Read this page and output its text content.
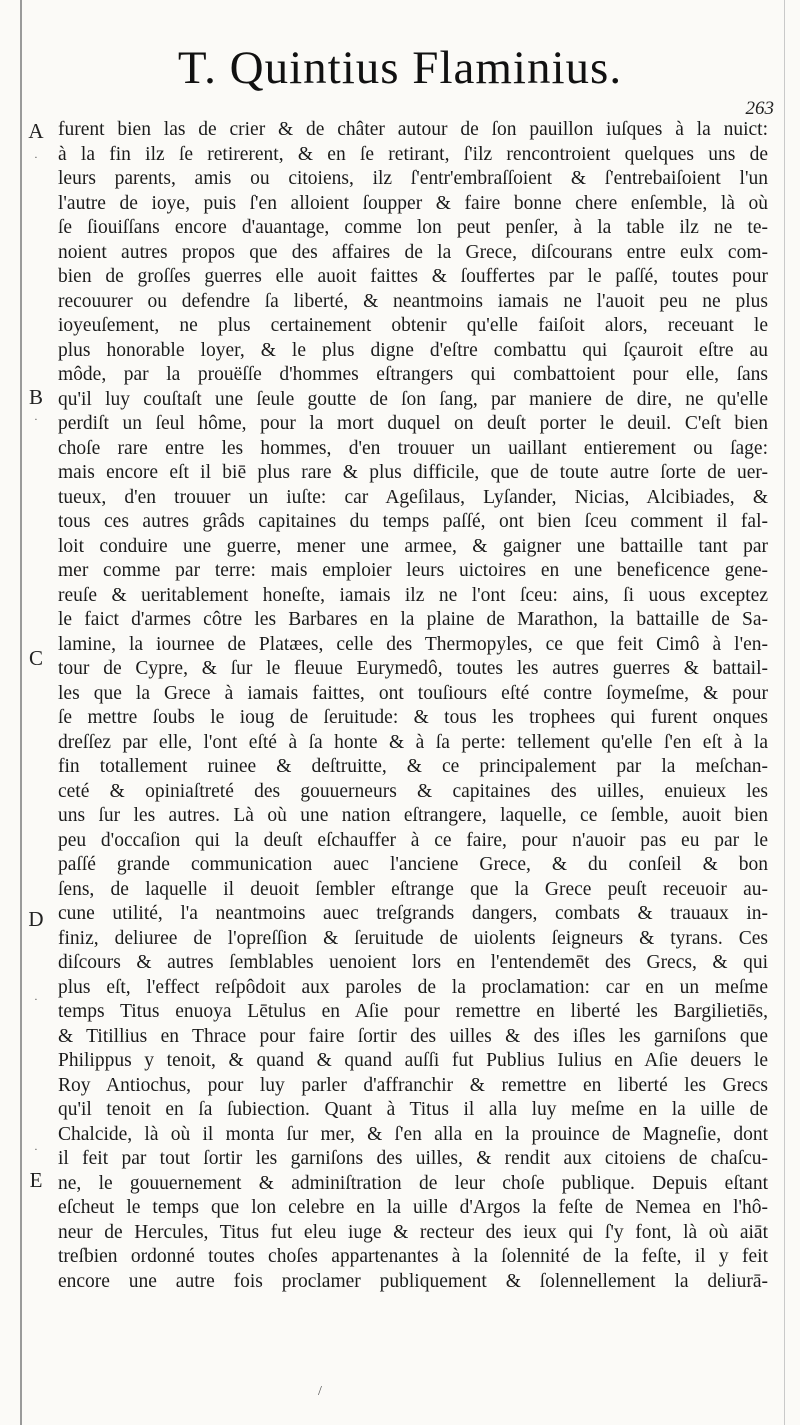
T. Quintius Flaminius.
263
A
B
C
D
E
·
·
·
·
furent bien las de crier & de châter autour de ſon pauillon iuſques à la nuict:
à la fin ilz ſe retirerent, & en ſe retirant, ſ'ilz rencontroient quelques uns de
leurs parents, amis ou citoiens, ilz ſ'entr'embraſſoient & ſ'entrebaiſoient l'un
l'autre de ioye, puis ſ'en alloient ſoupper & faire bonne chere enſemble, là où
ſe ſiouiſſans encore d'auantage, comme lon peut penſer, à la table ilz ne te-
noient autres propos que des affaires de la Grece, diſcourans entre eulx com-
bien de groſſes guerres elle auoit faittes & ſouffertes par le paſſé, toutes pour
recouurer ou defendre ſa liberté, & neantmoins iamais ne l'auoit peu ne plus
ioyeuſement, ne plus certainement obtenir qu'elle faiſoit alors, receuant le
plus honorable loyer, & le plus digne d'eſtre combattu qui ſçauroit eſtre au
môde, par la prouëſſe d'hommes eſtrangers qui combattoient pour elle, ſans
qu'il luy couſtaſt une ſeule goutte de ſon ſang, par maniere de dire, ne qu'elle
perdiſt un ſeul hôme, pour la mort duquel on deuſt porter le deuil. C'eſt bien
choſe rare entre les hommes, d'en trouuer un uaillant entierement ou ſage:
mais encore eſt il biē plus rare & plus difficile, que de toute autre ſorte de uer-
tueux, d'en trouuer un iuſte: car Ageſilaus, Lyſander, Nicias, Alcibiades, &
tous ces autres grâds capitaines du temps paſſé, ont bien ſceu comment il fal-
loit conduire une guerre, mener une armee, & gaigner une battaille tant par
mer comme par terre: mais emploier leurs uictoires en une beneficence gene-
reuſe & ueritablement honeſte, iamais ilz ne l'ont ſceu: ains, ſi uous exceptez
le faict d'armes côtre les Barbares en la plaine de Marathon, la battaille de Sa-
lamine, la iournee de Platæes, celle des Thermopyles, ce que feit Cimô à l'en-
tour de Cypre, & ſur le fleuue Eurymedô, toutes les autres guerres & battail-
les que la Grece à iamais faittes, ont touſiours eſté contre ſoymeſme, & pour
ſe mettre ſoubs le ioug de ſeruitude: & tous les trophees qui furent onques
dreſſez par elle, l'ont eſté à ſa honte & à ſa perte: tellement qu'elle ſ'en eſt à la
fin totallement ruinee & deſtruitte, & ce principalement par la meſchan-
ceté & opiniaſtreté des gouuerneurs & capitaines des uilles, enuieux les
uns ſur les autres. Là où une nation eſtrangere, laquelle, ce ſemble, auoit bien
peu d'occaſion qui la deuſt eſchauffer à ce faire, pour n'auoir pas eu par le
paſſé grande communication auec l'anciene Grece, & du conſeil & bon
ſens, de laquelle il deuoit ſembler eſtrange que la Grece peuſt receuoir au-
cune utilité, l'a neantmoins auec treſgrands dangers, combats & trauaux in-
finiz, deliuree de l'opreſſion & ſeruitude de uiolents ſeigneurs & tyrans. Ces
diſcours & autres ſemblables uenoient lors en l'entendemēt des Grecs, & qui
plus eſt, l'effect reſpôdoit aux paroles de la proclamation: car en un meſme
temps Titus enuoya Lētulus en Aſie pour remettre en liberté les Bargilietiēs,
& Titillius en Thrace pour faire ſortir des uilles & des iſles les garniſons que
Philippus y tenoit, & quand & quand auſſi fut Publius Iulius en Aſie deuers le
Roy Antiochus, pour luy parler d'affranchir & remettre en liberté les Grecs
qu'il tenoit en ſa ſubiection. Quant à Titus il alla luy meſme en la uille de
Chalcide, là où il monta ſur mer, & ſ'en alla en la prouince de Magneſie, dont
il feit par tout ſortir les garniſons des uilles, & rendit aux citoiens de chaſcu-
ne, le gouuernement & adminiſtration de leur choſe publique. Depuis eſtant
eſcheut le temps que lon celebre en la uille d'Argos la feſte de Nemea en l'hô-
neur de Hercules, Titus fut eleu iuge & recteur des ieux qui ſ'y font, là où aiāt
treſbien ordonné toutes choſes appartenantes à la ſolennité de la feſte, il y feit
encore une autre fois proclamer publiquement & ſolennellement la deliurā-
/
